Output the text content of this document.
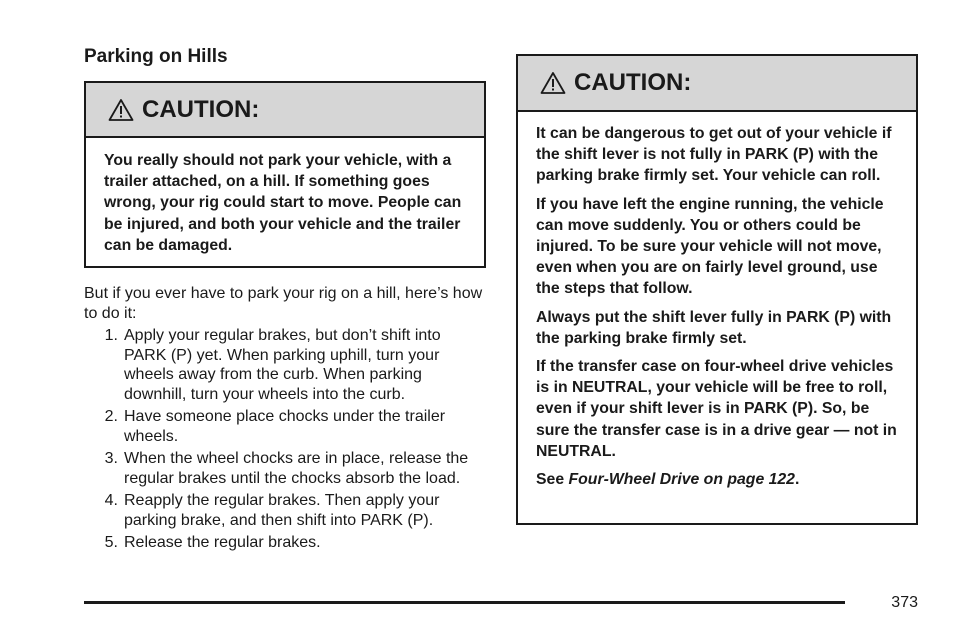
Parking on Hills
CAUTION:

You really should not park your vehicle, with a trailer attached, on a hill. If something goes wrong, your rig could start to move. People can be injured, and both your vehicle and the trailer can be damaged.

But if you ever have to park your rig on a hill, here’s how to do it:
1. Apply your regular brakes, but don’t shift into PARK (P) yet. When parking uphill, turn your wheels away from the curb. When parking downhill, turn your wheels into the curb.
2. Have someone place chocks under the trailer wheels.
3. When the wheel chocks are in place, release the regular brakes until the chocks absorb the load.
4. Reapply the regular brakes. Then apply your parking brake, and then shift into PARK (P).
5. Release the regular brakes.
CAUTION:

It can be dangerous to get out of your vehicle if the shift lever is not fully in PARK (P) with the parking brake firmly set. Your vehicle can roll.

If you have left the engine running, the vehicle can move suddenly. You or others could be injured. To be sure your vehicle will not move, even when you are on fairly level ground, use the steps that follow.

Always put the shift lever fully in PARK (P) with the parking brake firmly set.

If the transfer case on four-wheel drive vehicles is in NEUTRAL, your vehicle will be free to roll, even if your shift lever is in PARK (P). So, be sure the transfer case is in a drive gear — not in NEUTRAL.

See Four-Wheel Drive on page 122.

373
